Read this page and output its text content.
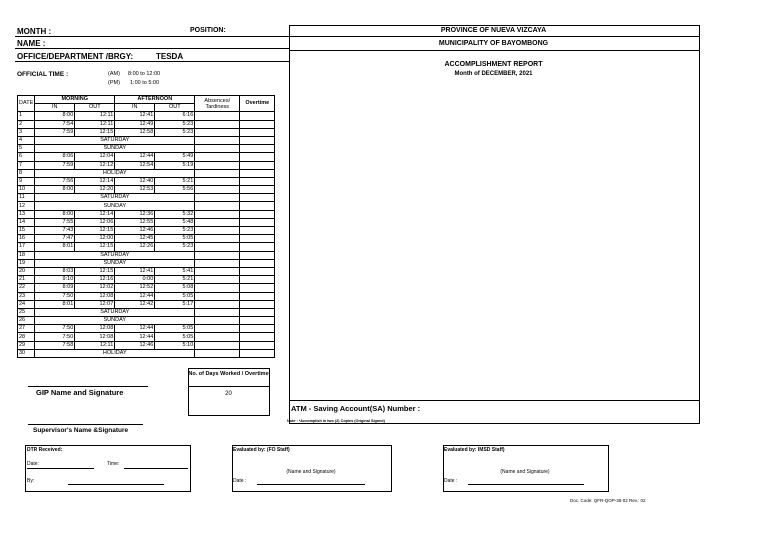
MONTH :	POSITION:
NAME :
OFFICE/DEPARTMENT /BRGY:	TESDA
OFFICIAL TIME :	(AM) 8:00 to 12:00
(PM) 1:00 to 5:00
PROVINCE OF NUEVA VIZCAYA
MUNICIPALITY OF BAYOMBONG
ACCOMPLISHMENT REPORT
Month of DECEMBER, 2021
DATE	MORNING		AFTERNOON		Absences/ Tardiness	Overtime
	IN	OUT	IN	OUT		
1	8:00	12:11	12:41	6:16		
2	7:54	12:11	12:49	5:23		
3	7:59	12:15	12:58	5:23		
4	SATURDAY					
5	SUNDAY					
6	8:06	12:04	12:44	5:49		
7	7:59	12:12	12:54	5:19		
8	HOLIDAY					
9	7:56	12:14	12:40	5:21		
10	8:00	12:20	12:53	5:56		
11	SATURDAY					
12	SUNDAY					
13	8:00	12:14	12:36	5:32		
14	7:55	12:06	12:55	5:48		
15	7:43	12:15	12:46	5:23		
16	7:47	12:00	12:45	5:05		
17	8:01	12:15	12:26	5:23		
18	SATURDAY					
19	SUNDAY					
20	8:03	12:15	12:41	5:41		
21	9:10	12:16	0:00	5:21		
22	8:09	12:02	12:52	5:08		
23	7:50	12:08	12:44	5:05		
24	8:01	12:07	12:42	5:17		
25	SATURDAY					
26	SUNDAY					
27	7:50	12:08	12:44	5:05		
28	7:50	12:08	12:44	5:05		
29	7:58	12:11	12:46	5:10		
30	HOLIDAY					
No. of Days Worked / Overtime
20
GIP Name and Signature
ATM - Saving Account(SA) Number :
Note : *Accomplish in two (2) Copies (Original Signed)
Supervisor's Name &Signature
DTR Received:
Date:	Time:
By:
Evaluated by: (FO Staff)
(Name and Signature)
Date :
Evaluated by: IMSD Staff)
(Name and Signature)
Date :
Doc. Code: QFR-QOP-36-02 Rev.: 02
